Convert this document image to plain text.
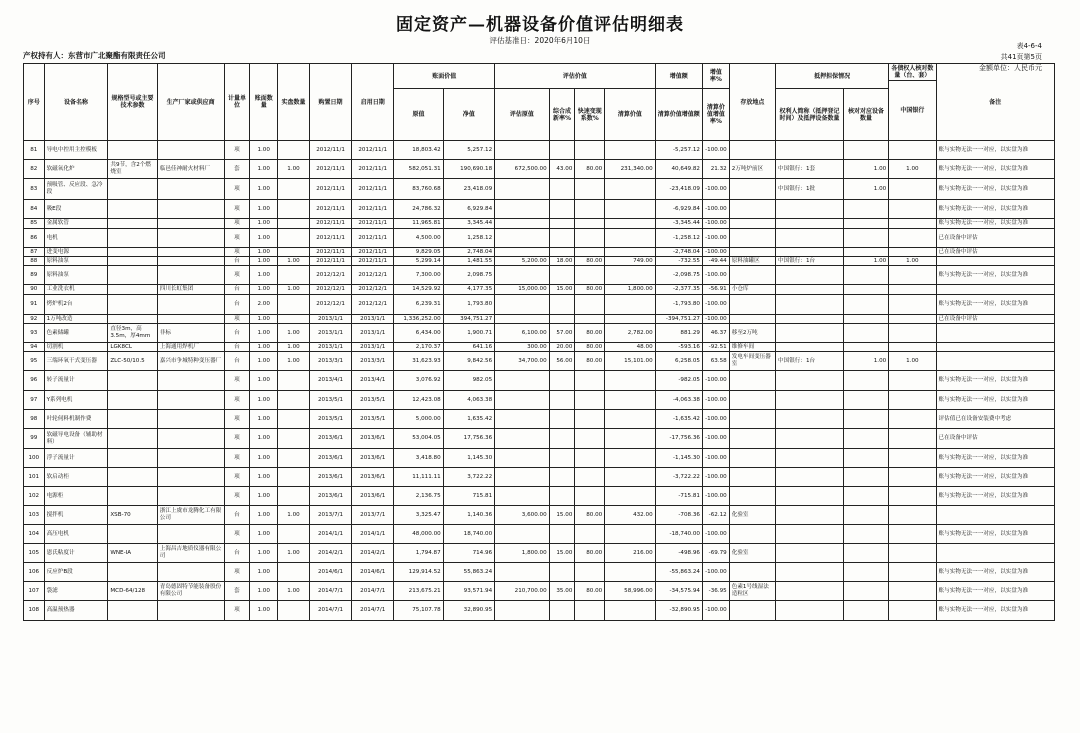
固定资产—机器设备价值评估明细表
评估基准日：2020年6月10日
产权持有人：东营市广北聚酯有限责任公司
表4-6-4
共41页第5页
金额单位：人民币元
序号	设备名称	规格型号或主要技术参数	生产厂家或供应商	计量单位	账面数量	实盘数量	购置日期	启用日期	账面价值		评估价值				增值额	增值率%	存放地点	抵押担保情况		各债权人核对数量（台、套）	备注
																				中国银行	
									原值	净值	评估原值	综合成新率%	快速变现系数%	清算价值	清算价值增值额	清算价值增值率%		权利人简称（抵押登记时间）及抵押设备数量	核对对应设备数量		
81	导电中控用主控模板			项	1.00		2012/11/1	2012/11/1	18,803.42	5,257.12					-5,257.12	-100.00					账与实物无法一一对应，以实盘为准
82	软磁氧化炉	共9节，含2个燃烧室	临邑佳神耐火材料厂	套	1.00	1.00	2012/11/1	2012/11/1	582,051.31	190,690.18	672,500.00	43.00	80.00	231,340.00	40,649.82	21.32	2万吨炉前区	中国银行：1套	1.00	1.00	账与实物无法一一对应，以实盘为准
83	预吸管、反应段、急冷段			项	1.00		2012/11/1	2012/11/1	83,760.68	23,418.09					-23,418.09	-100.00		中国银行：1批	1.00		账与实物无法一一对应，以实盘为准
84	吸E段			项	1.00		2012/11/1	2012/11/1	24,786.32	6,929.84					-6,929.84	-100.00					账与实物无法一一对应，以实盘为准
85	金属软管			项	1.00		2012/11/1	2012/11/1	11,965.81	3,345.44					-3,345.44	-100.00					账与实物无法一一对应，以实盘为准
86	电机			项	1.00		2012/11/1	2012/11/1	4,500.00	1,258.12					-1,258.12	-100.00					已在设备中评估
87	进变电源			项	1.00		2012/11/1	2012/11/1	9,829.05	2,748.04					-2,748.04	-100.00					已在设备中评估
88	原料油泵			台	1.00	1.00	2012/11/1	2012/11/1	5,299.14	1,481.55	5,200.00	18.00	80.00	749.00	-732.55	-49.44	原料油罐区	中国银行：1台	1.00	1.00	
89	原料油泵			项	1.00		2012/12/1	2012/12/1	7,300.00	2,098.75					-2,098.75	-100.00					账与实物无法一一对应，以实盘为准
90	工业洗衣机		四川长虹集团	台	1.00	1.00	2012/12/1	2012/12/1	14,529.92	4,177.35	15,000.00	15.00	80.00	1,800.00	-2,377.35	-56.91	小仓库				
91	烤炉机2台			台	2.00		2012/12/1	2012/12/1	6,239.31	1,793.80					-1,793.80	-100.00					账与实物无法一一对应，以实盘为准
92	1万吨改造			项	1.00		2013/1/1	2013/1/1	1,336,252.00	394,751.27					-394,751.27	-100.00					已在设备中评估
93	色素储罐	直径3m，高3.5m，厚4mm	非标	台	1.00	1.00	2013/1/1	2013/1/1	6,434.00	1,900.71	6,100.00	57.00	80.00	2,782.00	881.29	46.37	移至2万吨				
94	切割机	LGK8CL	上海通用焊机厂	台	1.00	1.00	2013/1/1	2013/1/1	2,170.37	641.16	300.00	20.00	80.00	48.00	-593.16	-92.51	维修车间				
95	三端环氧干式变压器	ZLC-50/10.5	嘉兴市争城特种变压器厂	台	1.00	1.00	2013/3/1	2013/3/1	31,623.93	9,842.56	34,700.00	56.00	80.00	15,101.00	6,258.05	63.58	发电车间变压器室	中国银行：1台	1.00	1.00	
96	转子流量计			项	1.00		2013/4/1	2013/4/1	3,076.92	982.05					-982.05	-100.00					账与实物无法一一对应，以实盘为准
97	Y系列电机			项	1.00		2013/5/1	2013/5/1	12,423.08	4,063.38					-4,063.38	-100.00					账与实物无法一一对应，以实盘为准
98	叶轮伺料机制作费			项	1.00		2013/5/1	2013/5/1	5,000.00	1,635.42					-1,635.42	-100.00					评估值已在设备安装费中考虑
99	软磁导电设备（辅助材料）			项	1.00		2013/6/1	2013/6/1	53,004.05	17,756.36					-17,756.36	-100.00					已在设备中评估
100	浮子流量计			项	1.00		2013/6/1	2013/6/1	3,418.80	1,145.30					-1,145.30	-100.00					账与实物无法一一对应，以实盘为准
101	软启动柜			项	1.00		2013/6/1	2013/6/1	11,111.11	3,722.22					-3,722.22	-100.00					账与实物无法一一对应，以实盘为准
102	电源柜			项	1.00		2013/6/1	2013/6/1	2,136.75	715.81					-715.81	-100.00					账与实物无法一一对应，以实盘为准
103	搅拌机	XSB-70	浙江上虞市龙腾化工有限公司	台	1.00	1.00	2013/7/1	2013/7/1	3,325.47	1,140.36	3,600.00	15.00	80.00	432.00	-708.36	-62.12	化验室				
104	高压电机			项	1.00		2014/1/1	2014/1/1	48,000.00	18,740.00					-18,740.00	-100.00					账与实物无法一一对应，以实盘为准
105	恩氏粘度计	WNE-IA	上海昌吉地质仪器有限公司	台	1.00	1.00	2014/2/1	2014/2/1	1,794.87	714.96	1,800.00	15.00	80.00	216.00	-498.96	-69.79	化验室				
106	反应炉B段			项	1.00		2014/6/1	2014/6/1	129,914.52	55,863.24					-55,863.24	-100.00					账与实物无法一一对应，以实盘为准
107	袋滤	MCD-64/128	青岛德固特节能装备股份有限公司	套	1.00	1.00	2014/7/1	2014/7/1	213,675.21	93,571.94	210,700.00	35.00	80.00	58,996.00	-34,575.94	-36.95	色素1号线湿法造粒区				账与实物无法一一对应，以实盘为准
108	高温预热器			项	1.00		2014/7/1	2014/7/1	75,107.78	32,890.95					-32,890.95	-100.00					账与实物无法一一对应，以实盘为准
